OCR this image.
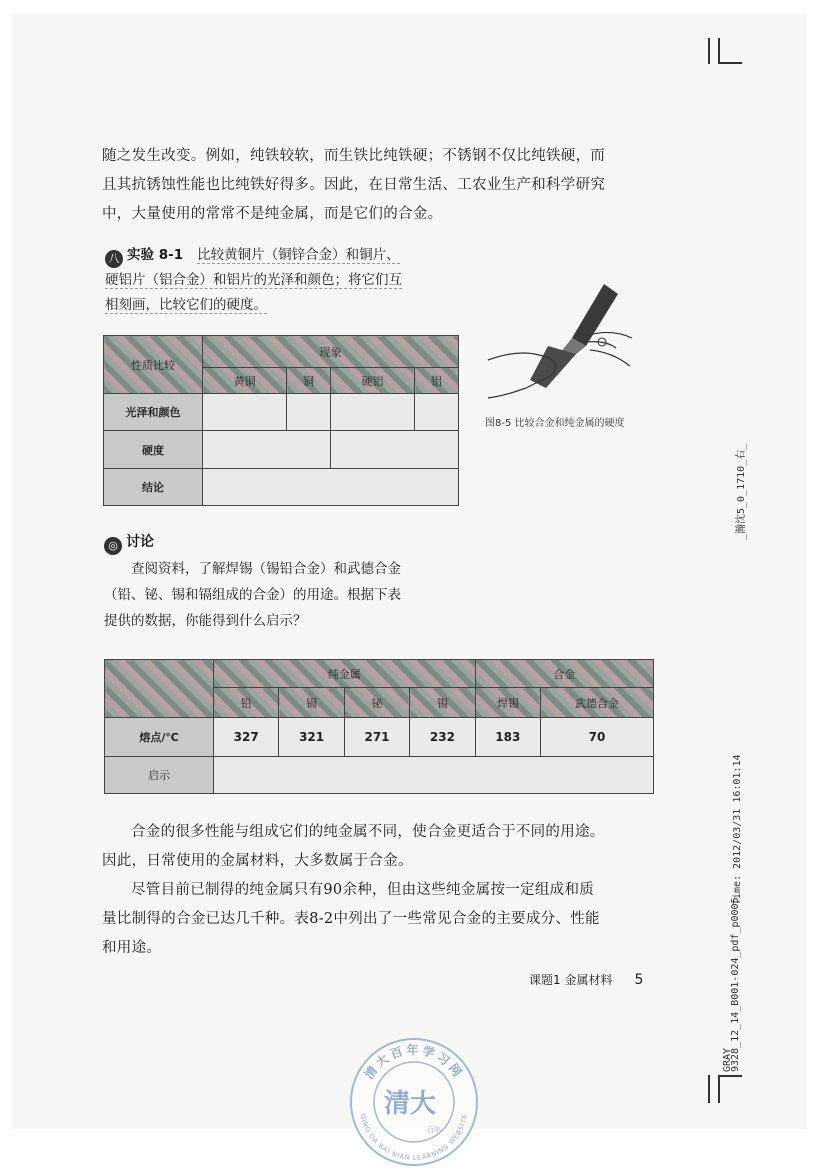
随之发生改变。例如，纯铁较软，而生铁比纯铁硬；不锈钢不仅比纯铁硬，而

且其抗锈蚀性能也比纯铁好得多。因此，在日常生活、工农业生产和科学研究

中，大量使用的常常不是纯金属，而是它们的合金。

八 实验 8-1 比较黄铜片（铜锌合金）和铜片、
硬铝片（铝合金）和铝片的光泽和颜色；将它们互
相刻画，比较它们的硬度。
性质比较	现象			
	黄铜	铜	硬铝	铝
光泽和颜色				
硬度				
结论				
图8-5 比较合金和纯金属的硬度
◎ 讨论

查阅资料，了解焊锡（锡铅合金）和武德合金

（铅、铋、锡和镉组成的合金）的用途。根据下表

提供的数据，你能得到什么启示？

	纯金属				合金	
	铅	镉	铋	锡	焊锡	武德合金
熔点/℃	327	321	271	232	183	70
启示						

合金的很多性能与组成它们的纯金属不同，使合金更适合于不同的用途。

因此，日常使用的金属材料，大多数属于合金。

尽管目前已制得的纯金属只有90余种，但由这些纯金属按一定组成和质

量比制得的合金已达几千种。表8-2中列出了一些常见合金的主要成分、性能

和用途。

课题1 金属材料 5
_瀚沈5_0_1710_右_
Time: 2012/03/31 16:01:14
9328_12_14_B001-024_pdf_p0005
GRAY
清大百年学习网
QING DA BAI NIAN LEARNING WEBSITE
清大
百年
